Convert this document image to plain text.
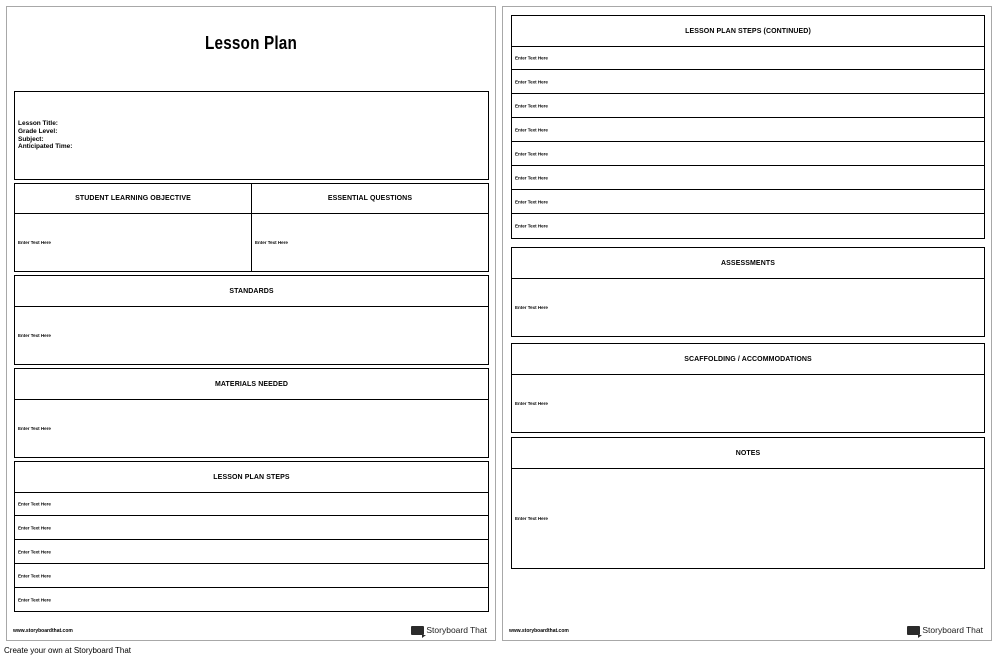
Lesson Plan
Lesson Title:
Grade Level:
Subject:
Anticipated Time:
STUDENT LEARNING OBJECTIVE
Enter Text Here
ESSENTIAL QUESTIONS
Enter Text Here
STANDARDS
Enter Text Here
MATERIALS NEEDED
Enter Text Here
LESSON PLAN STEPS
Enter Text Here
Enter Text Here
Enter Text Here
Enter Text Here
Enter Text Here
www.storyboardthat.com	Storyboard That
LESSON PLAN STEPS (CONTINUED)
Enter Text Here
Enter Text Here
Enter Text Here
Enter Text Here
Enter Text Here
Enter Text Here
Enter Text Here
Enter Text Here
ASSESSMENTS
Enter Text Here
SCAFFOLDING / ACCOMMODATIONS
Enter Text Here
NOTES
Enter Text Here
www.storyboardthat.com	Storyboard That
Create your own at Storyboard That
